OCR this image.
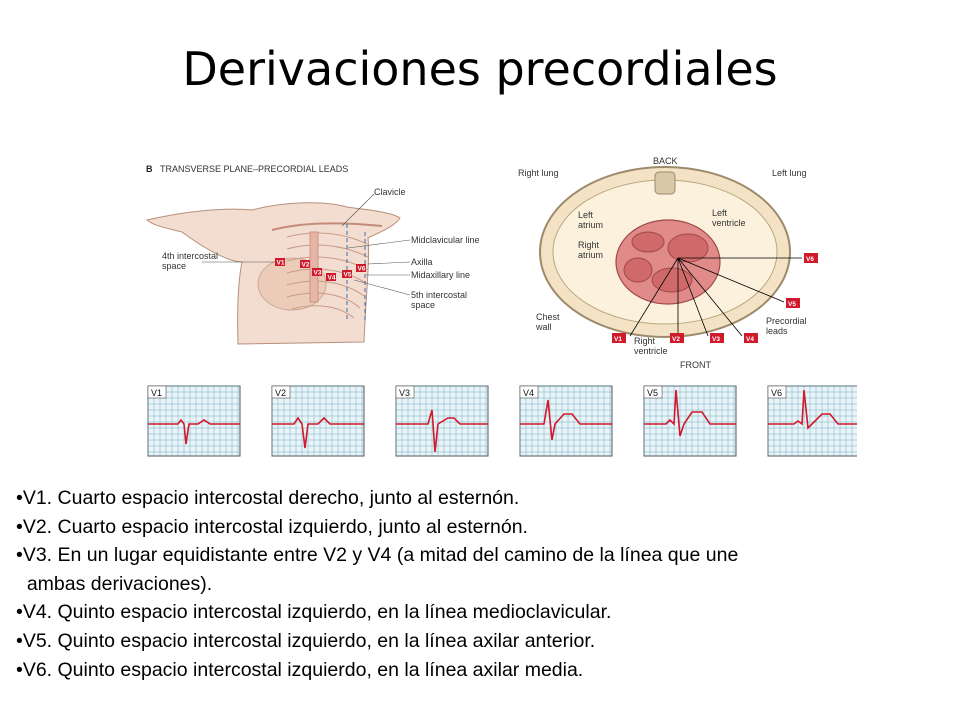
Derivaciones precordiales
B TRANSVERSE PLANE–PRECORDIAL LEADS
V1	V2
V3
V4 V5
V6
Clavicle
Midclavicular line
4th intercostal
space	Axilla
Midaxillary line
5th intercostal
space
BACK
Right lung	Left lung
V1	V2	V3	V4
V5
V6
Left
atrium
Right
atrium
Left
ventricle
Chest
wall
Right
ventricle
Precordial
leads
FRONT
V1	V2	V3	V4	V5	V6
•V1. Cuarto espacio intercostal derecho, junto al esternón.
•V2. Cuarto espacio intercostal izquierdo, junto al esternón.
•V3. En un lugar equidistante entre V2 y V4 (a mitad del camino de la línea que une
ambas derivaciones).
•V4. Quinto espacio intercostal izquierdo, en la línea medioclavicular.
•V5. Quinto espacio intercostal izquierdo, en la línea axilar anterior.
•V6. Quinto espacio intercostal izquierdo, en la línea axilar media.
